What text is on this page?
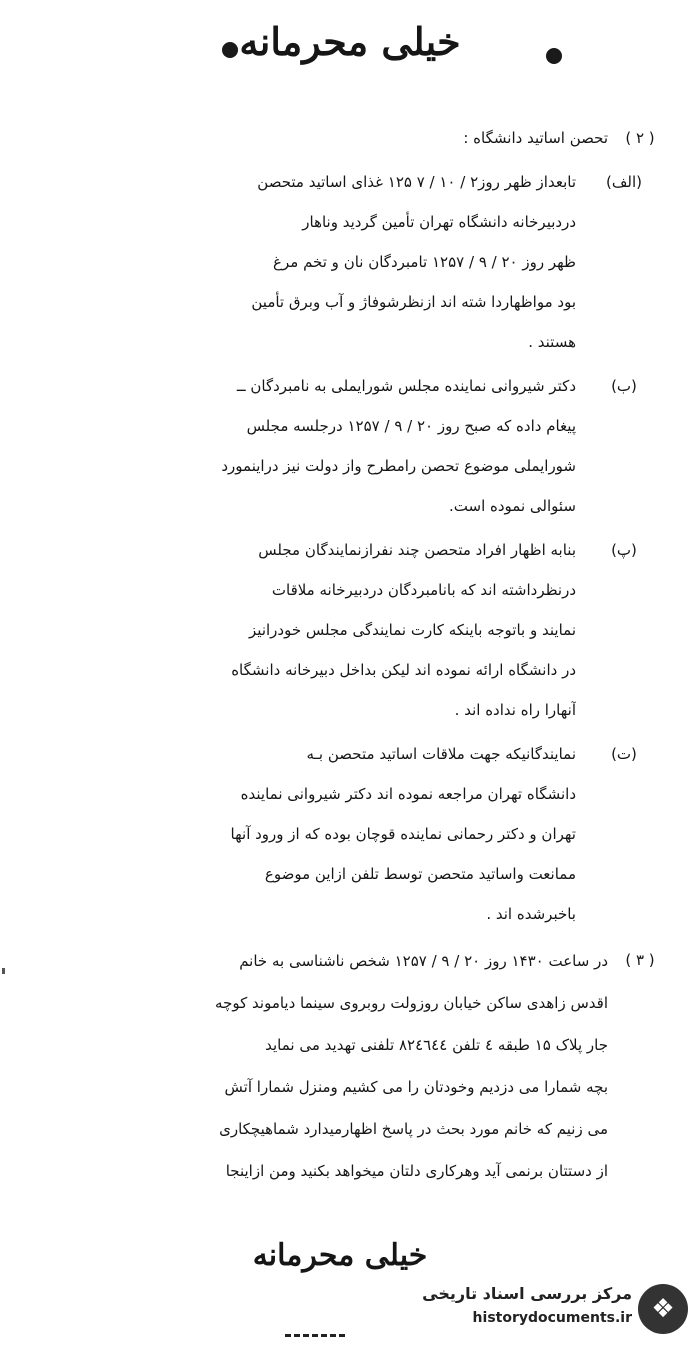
خیلی محرمانه
( ۲ )
تحصن اساتید دانشگاه :
(الف)
تابعداز ظهر روز۲ / ۱۰ / ۷ ۱۲۵ غذای اساتید متحصن
دردبیرخانه دانشگاه تهران تأمین گردید وناهار
ظهر روز ۲۰ / ۹ / ۱۲۵۷ تامبردگان نان و تخم مرغ
بود مواظهاردا شته اند ازنظرشوفاژ و آب وبرق تأمین
هستند .
(ب)
دکتر شیروانی نماینده مجلس شورایملی به نامبردگان ــ
پیغام داده که صبح روز ۲۰ / ۹ / ۱۲۵۷ درجلسه مجلس
شورایملی موضوع تحصن رامطرح واز دولت نیز دراینمورد
سئوالی نموده است.
(پ)
بنابه اظهار افراد متحصن چند نفرازنمایندگان مجلس
درنظرداشته اند که بانامبردگان دردبیرخانه ملاقات
نمایند و باتوجه باینکه کارت نمایندگی مجلس خودرانیز
در دانشگاه ارائه نموده اند لیکن بداخل دبیرخانه دانشگاه
آنهارا راه نداده اند .
(ت)
نمایندگانیکه جهت ملاقات اساتید متحصن بـه
دانشگاه تهران مراجعه نموده اند دکتر شیروانی نماینده
تهران و دکتر رحمانی نماینده قوچان بوده که از ورود آنها
ممانعت واساتید متحصن توسط تلفن ازاین موضوع
باخبرشده اند .
( ۳ )
در ساعت ۱۴۳۰ روز ۲۰ / ۹ / ۱۲۵۷ شخص ناشناسی به خانم
اقدس زاهدی ساکن خیابان روزولت روبروی سینما دیاموند کوچه
جار پلاک ۱۵ طبقه ٤ تلفن ۸۲٤٦٤٤ تلفنی تهدید می نماید
بچه شمارا می دزدیم وخودتان را می کشیم ومنزل شمارا آتش
می زنیم که خانم مورد بحث در پاسخ اظهارمیدارد شماهیچکاری
از دستتان برنمی آید وهرکاری دلتان میخواهد بکنید ومن ازاینجا
خیلی محرمانه
❖
مرکز بررسی اسناد تاریخی
historydocuments.ir
